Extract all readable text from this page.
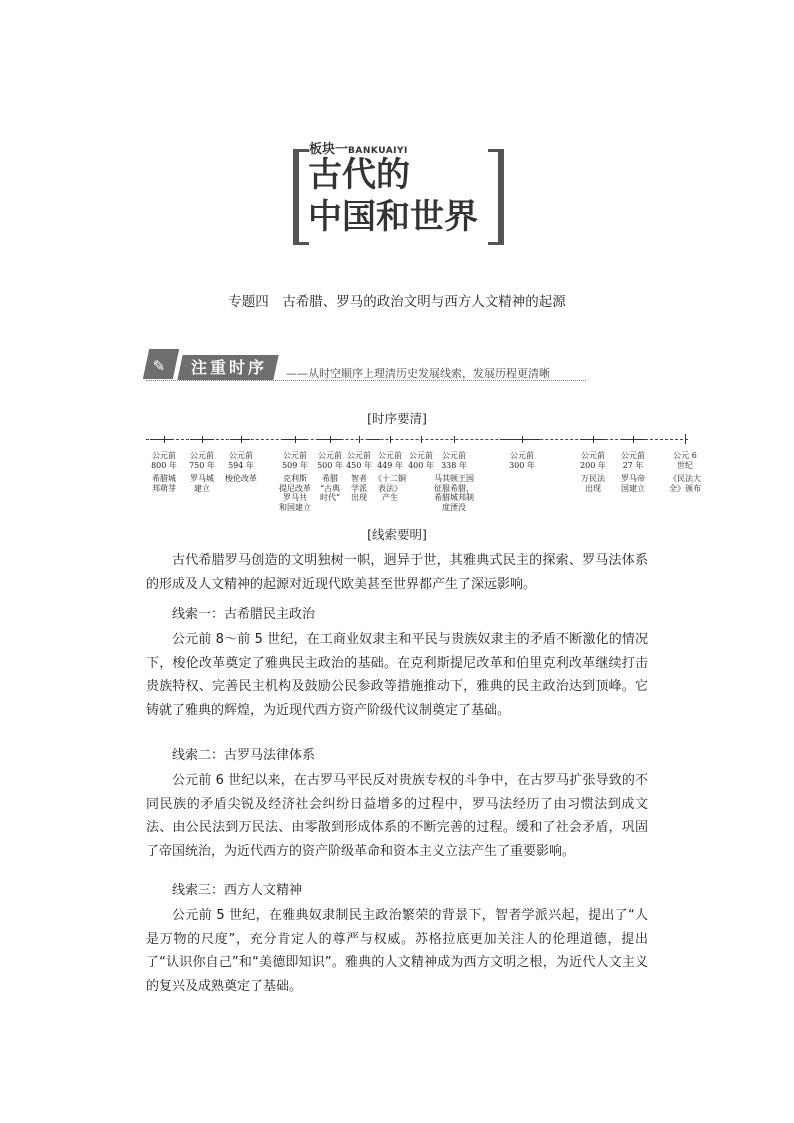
板块一BANKUAIYI
古代的
中国和世界
专题四　古希腊、罗马的政治文明与西方人文精神的起源
✎ 注重时序 ——从时空顺序上理清历史发展线索，发展历程更清晰
[时序要清]
公元前
800 年
希腊城
邦萌芽
公元前
750 年
罗马城
建立
公元前
594 年
梭伦改革
公元前
509 年
克利斯
提尼改革
罗马共
和国建立
公元前
500 年
希腊
“古典
时代”
公元前
450 年
智者
学派
出现
公元前
449 年
《十二铜
表法》
产生
公元前
400 年
公元前
338 年
马其顿王国
征服希腊，
希腊城邦制
度湮没
公元前
300 年
公元前
200 年
万民法
出现
公元前
27 年
罗马帝
国建立
公元 6
世纪
《民法大
全》颁布
[线索要明]
古代希腊罗马创造的文明独树一帜，迥异于世，其雅典式民主的探索、罗马法体系的形成及人文精神的起源对近现代欧美甚至世界都产生了深远影响。
线索一：古希腊民主政治
公元前 8～前 5 世纪，在工商业奴隶主和平民与贵族奴隶主的矛盾不断激化的情况下，梭伦改革奠定了雅典民主政治的基础。在克利斯提尼改革和伯里克利改革继续打击贵族特权、完善民主机构及鼓励公民参政等措施推动下，雅典的民主政治达到顶峰。它铸就了雅典的辉煌，为近现代西方资产阶级代议制奠定了基础。
线索二：古罗马法律体系
公元前 6 世纪以来，在古罗马平民反对贵族专权的斗争中，在古罗马扩张导致的不同民族的矛盾尖锐及经济社会纠纷日益增多的过程中，罗马法经历了由习惯法到成文法、由公民法到万民法、由零散到形成体系的不断完善的过程。缓和了社会矛盾，巩固了帝国统治，为近代西方的资产阶级革命和资本主义立法产生了重要影响。
线索三：西方人文精神
公元前 5 世纪，在雅典奴隶制民主政治繁荣的背景下，智者学派兴起，提出了“人是万物的尺度”，充分肯定人的尊严与权威。苏格拉底更加关注人的伦理道德，提出了“认识你自己”和“美德即知识”。雅典的人文精神成为西方文明之根，为近代人文主义的复兴及成熟奠定了基础。
